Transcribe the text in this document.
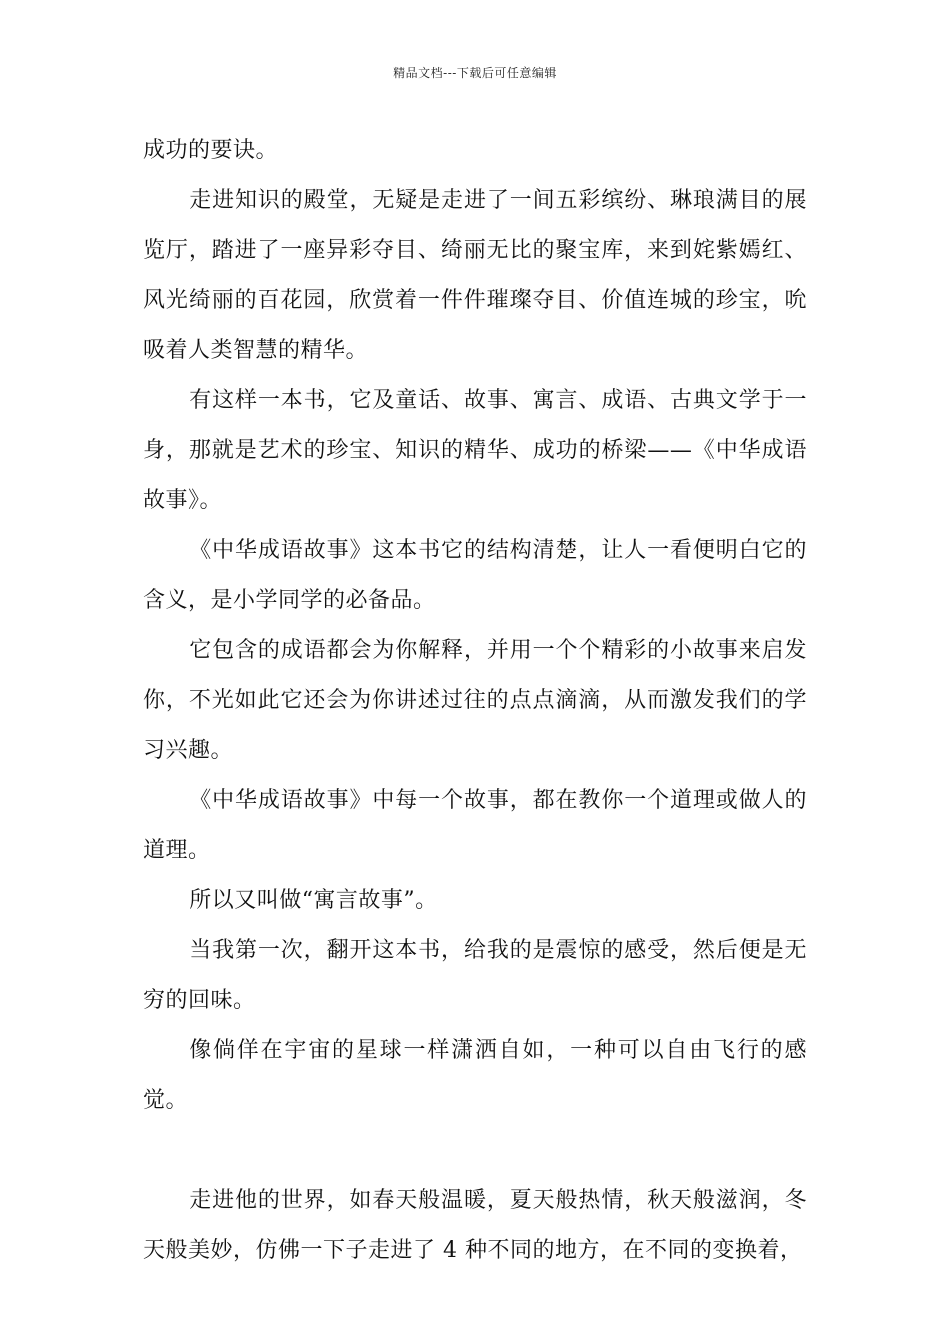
精品文档---下载后可任意编辑

成功的要诀。

走进知识的殿堂，无疑是走进了一间五彩缤纷、琳琅满目的展览厅，踏进了一座异彩夺目、绮丽无比的聚宝库，来到姹紫嫣红、风光绮丽的百花园，欣赏着一件件璀璨夺目、价值连城的珍宝，吮吸着人类智慧的精华。

有这样一本书，它及童话、故事、寓言、成语、古典文学于一身，那就是艺术的珍宝、知识的精华、成功的桥梁——《中华成语故事》。

《中华成语故事》这本书它的结构清楚，让人一看便明白它的含义，是小学同学的必备品。

它包含的成语都会为你解释，并用一个个精彩的小故事来启发你，不光如此它还会为你讲述过往的点点滴滴，从而激发我们的学习兴趣。

《中华成语故事》中每一个故事，都在教你一个道理或做人的道理。

所以又叫做“寓言故事”。

当我第一次，翻开这本书，给我的是震惊的感受，然后便是无穷的回味。

像倘佯在宇宙的星球一样潇洒自如，一种可以自由飞行的感觉。

走进他的世界，如春天般温暖，夏天般热情，秋天般滋润，冬天般美妙，仿佛一下子走进了 4 种不同的地方，在不同的变换着，
